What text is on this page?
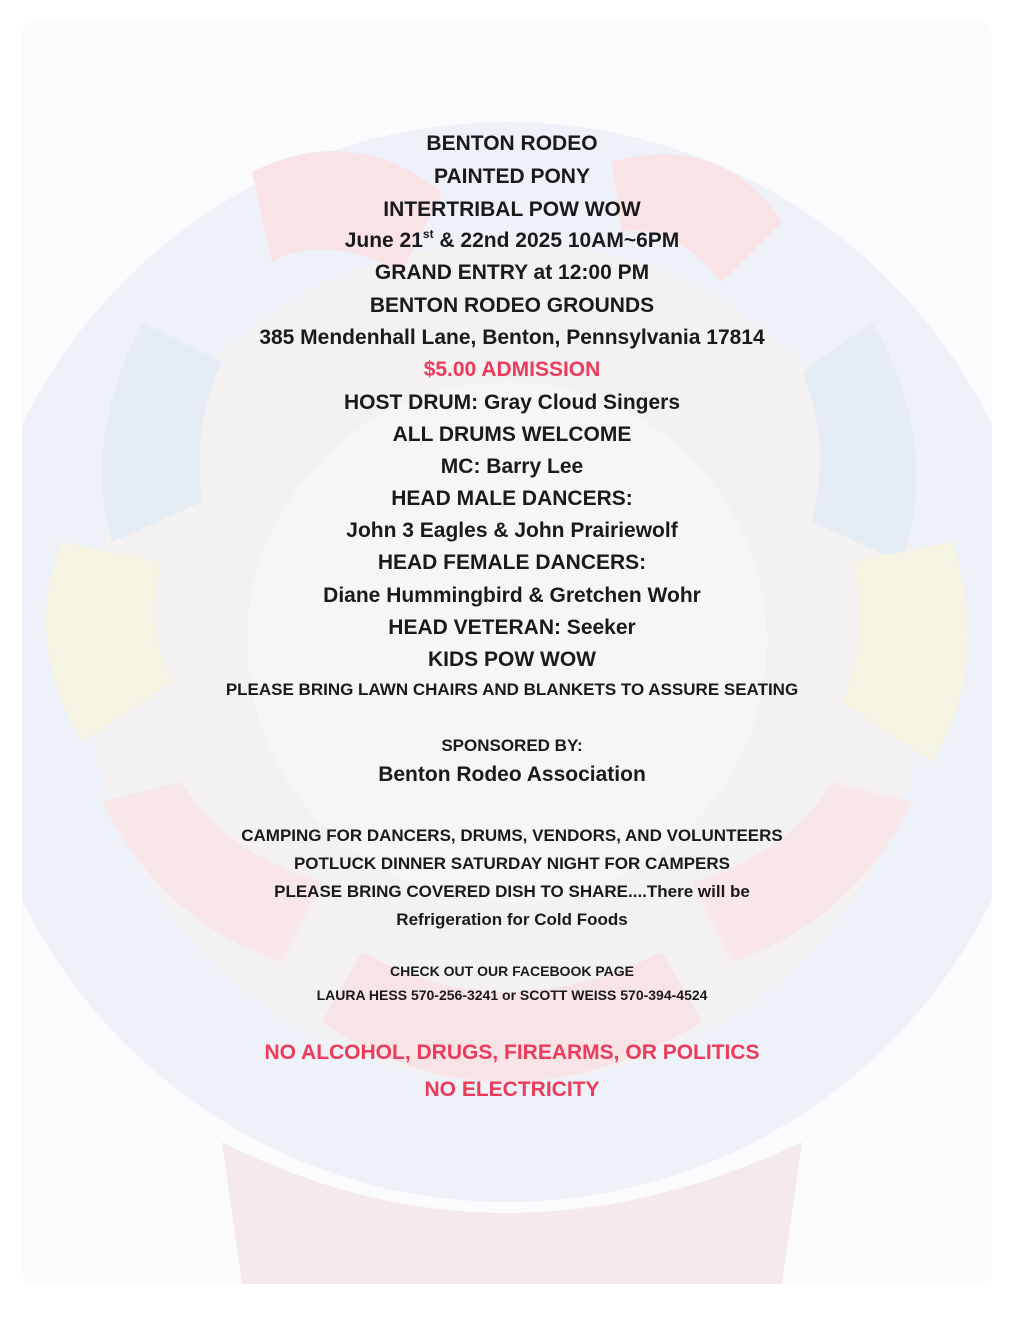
BENTON RODEO
PAINTED PONY
INTERTRIBAL POW WOW
June 21st & 22nd 2025 10AM~6PM
GRAND ENTRY at 12:00 PM
BENTON RODEO GROUNDS
385 Mendenhall Lane, Benton, Pennsylvania 17814
$5.00 ADMISSION
HOST DRUM: Gray Cloud Singers
ALL DRUMS WELCOME
MC: Barry Lee
HEAD MALE DANCERS:
John 3 Eagles & John Prairiewolf
HEAD FEMALE DANCERS:
Diane Hummingbird & Gretchen Wohr
HEAD VETERAN: Seeker
KIDS POW WOW
PLEASE BRING LAWN CHAIRS AND BLANKETS TO ASSURE SEATING
SPONSORED BY:
Benton Rodeo Association
CAMPING FOR DANCERS, DRUMS, VENDORS, AND VOLUNTEERS
POTLUCK DINNER SATURDAY NIGHT FOR CAMPERS
PLEASE BRING COVERED DISH TO SHARE....There will be
Refrigeration for Cold Foods
CHECK OUT OUR FACEBOOK PAGE
LAURA HESS 570-256-3241 or SCOTT WEISS 570-394-4524
NO ALCOHOL, DRUGS, FIREARMS, OR POLITICS
NO ELECTRICITY
